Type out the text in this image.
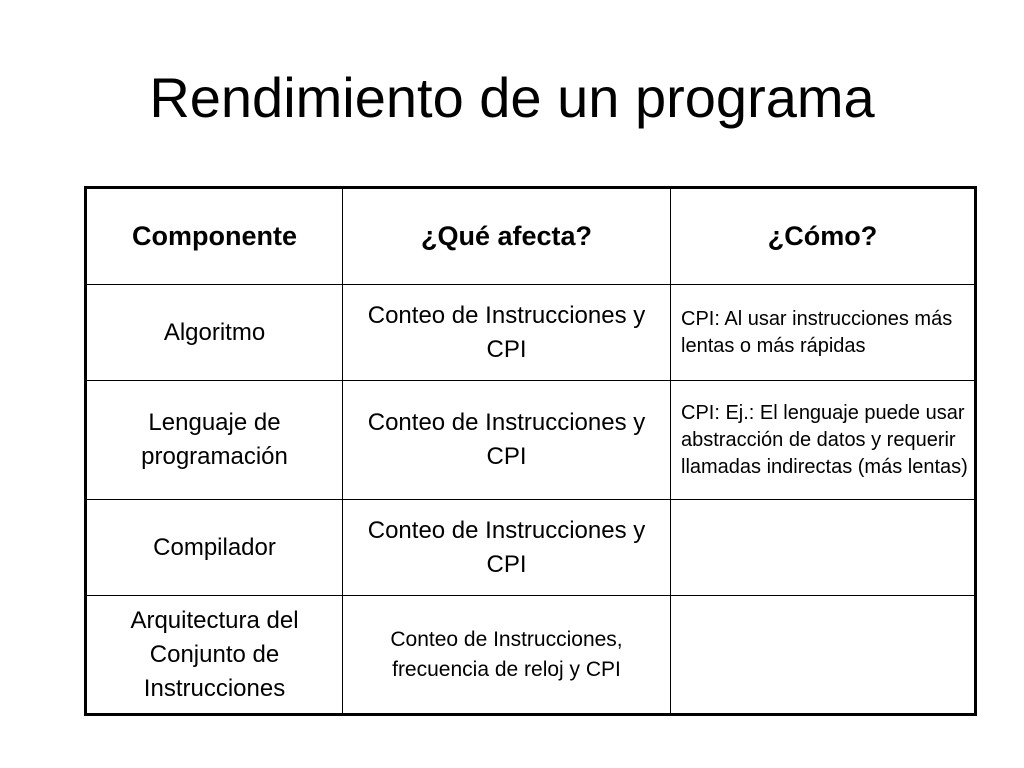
Rendimiento de un programa
Componente	¿Qué afecta?	¿Cómo?
Algoritmo	Conteo de Instrucciones y CPI	CPI: Al usar instrucciones más lentas o más rápidas
Lenguaje de programación	Conteo de Instrucciones y CPI	CPI: Ej.: El lenguaje puede usar abstracción de datos y requerir llamadas indirectas (más lentas)
Compilador	Conteo de Instrucciones y CPI	
Arquitectura del Conjunto de Instrucciones	Conteo de Instrucciones, frecuencia de reloj y CPI	
